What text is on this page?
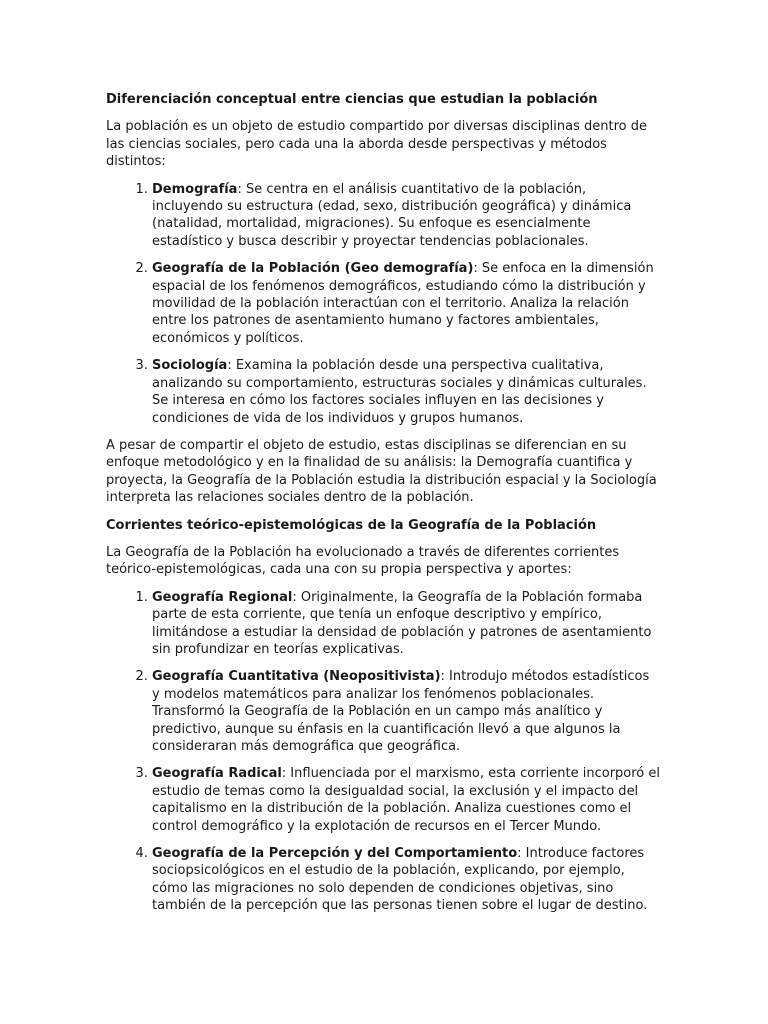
Diferenciación conceptual entre ciencias que estudian la población

La población es un objeto de estudio compartido por diversas disciplinas dentro de las ciencias sociales, pero cada una la aborda desde perspectivas y métodos distintos:

1. Demografía: Se centra en el análisis cuantitativo de la población, incluyendo su estructura (edad, sexo, distribución geográfica) y dinámica (natalidad, mortalidad, migraciones). Su enfoque es esencialmente estadístico y busca describir y proyectar tendencias poblacionales.
2. Geografía de la Población (Geo demografía): Se enfoca en la dimensión espacial de los fenómenos demográficos, estudiando cómo la distribución y movilidad de la población interactúan con el territorio. Analiza la relación entre los patrones de asentamiento humano y factores ambientales, económicos y políticos.
3. Sociología: Examina la población desde una perspectiva cualitativa, analizando su comportamiento, estructuras sociales y dinámicas culturales. Se interesa en cómo los factores sociales influyen en las decisiones y condiciones de vida de los individuos y grupos humanos.

A pesar de compartir el objeto de estudio, estas disciplinas se diferencian en su enfoque metodológico y en la finalidad de su análisis: la Demografía cuantifica y proyecta, la Geografía de la Población estudia la distribución espacial y la Sociología interpreta las relaciones sociales dentro de la población.

Corrientes teórico-epistemológicas de la Geografía de la Población

La Geografía de la Población ha evolucionado a través de diferentes corrientes teórico-epistemológicas, cada una con su propia perspectiva y aportes:

1. Geografía Regional: Originalmente, la Geografía de la Población formaba parte de esta corriente, que tenía un enfoque descriptivo y empírico, limitándose a estudiar la densidad de población y patrones de asentamiento sin profundizar en teorías explicativas.
2. Geografía Cuantitativa (Neopositivista): Introdujo métodos estadísticos y modelos matemáticos para analizar los fenómenos poblacionales. Transformó la Geografía de la Población en un campo más analítico y predictivo, aunque su énfasis en la cuantificación llevó a que algunos la consideraran más demográfica que geográfica.
3. Geografía Radical: Influenciada por el marxismo, esta corriente incorporó el estudio de temas como la desigualdad social, la exclusión y el impacto del capitalismo en la distribución de la población. Analiza cuestiones como el control demográfico y la explotación de recursos en el Tercer Mundo.
4. Geografía de la Percepción y del Comportamiento: Introduce factores sociopsicológicos en el estudio de la población, explicando, por ejemplo, cómo las migraciones no solo dependen de condiciones objetivas, sino también de la percepción que las personas tienen sobre el lugar de destino.
